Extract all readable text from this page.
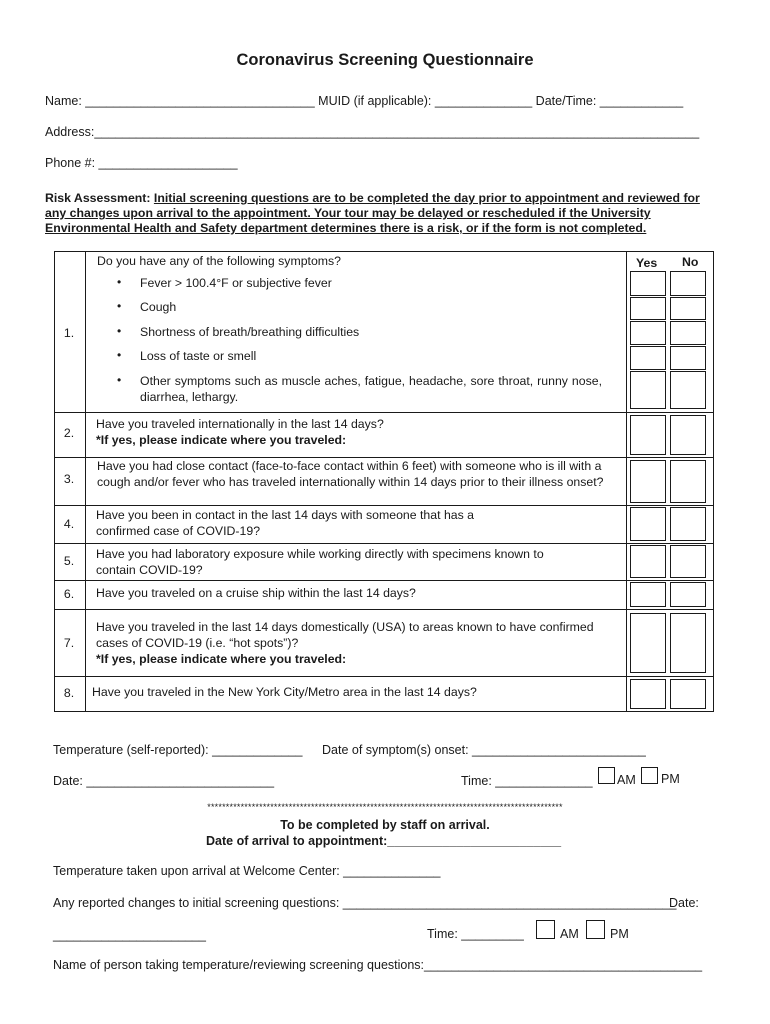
Coronavirus Screening Questionnaire
Name: _________________________________ MUID (if applicable): ______________ Date/Time: ____________
Address:_______________________________________________________________________________________
Phone #: ____________________
Risk Assessment: Initial screening questions are to be completed the day prior to appointment and reviewed for any changes upon arrival to the appointment. Your tour may be delayed or rescheduled if the University Environmental Health and Safety department determines there is a risk, or if the form is not completed.
Yes No
1.
Do you have any of the following symptoms?
• Fever > 100.4°F or subjective fever
• Cough
• Shortness of breath/breathing difficulties
• Loss of taste or smell
• Other symptoms such as muscle aches, fatigue, headache, sore throat, runny nose, diarrhea, lethargy.
2.
Have you traveled internationally in the last 14 days?
*If yes, please indicate where you traveled:
3.
Have you had close contact (face-to-face contact within 6 feet) with someone who is ill with a cough and/or fever who has traveled internationally within 14 days prior to their illness onset?
4.
Have you been in contact in the last 14 days with someone that has a confirmed case of COVID-19?
5.	Have you had laboratory exposure while working directly with specimens known to contain COVID-19?
6.	Have you traveled on a cruise ship within the last 14 days?
7.
Have you traveled in the last 14 days domestically (USA) to areas known to have confirmed cases of COVID-19 (i.e. “hot spots”)?
*If yes, please indicate where you traveled:
8.	Have you traveled in the New York City/Metro area in the last 14 days?
Temperature (self-reported): _____________ Date of symptom(s) onset: _________________________
Date: ___________________________	Time: ______________ AM PM
************************************************************************************************
To be completed by staff on arrival.
Date of arrival to appointment:_________________________
Temperature taken upon arrival at Welcome Center: ______________
Any reported changes to initial screening questions: ________________________________________________
Date:
______________________	Time: _________	AM	PM
Name of person taking temperature/reviewing screening questions:________________________________________
